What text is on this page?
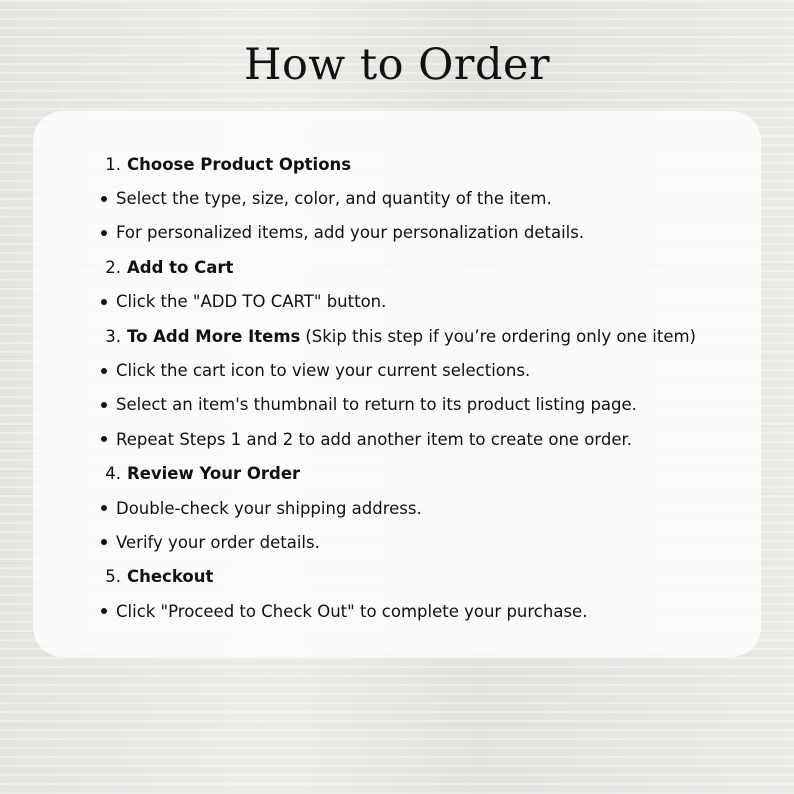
How to Order
1. Choose Product Options
Select the type, size, color, and quantity of the item.
For personalized items, add your personalization details.
2. Add to Cart
Click the "ADD TO CART" button.
3. To Add More Items (Skip this step if you’re ordering only one item)
Click the cart icon to view your current selections.
Select an item's thumbnail to return to its product listing page.
Repeat Steps 1 and 2 to add another item to create one order.
4. Review Your Order
Double-check your shipping address.
Verify your order details.
5. Checkout
Click "Proceed to Check Out" to complete your purchase.
